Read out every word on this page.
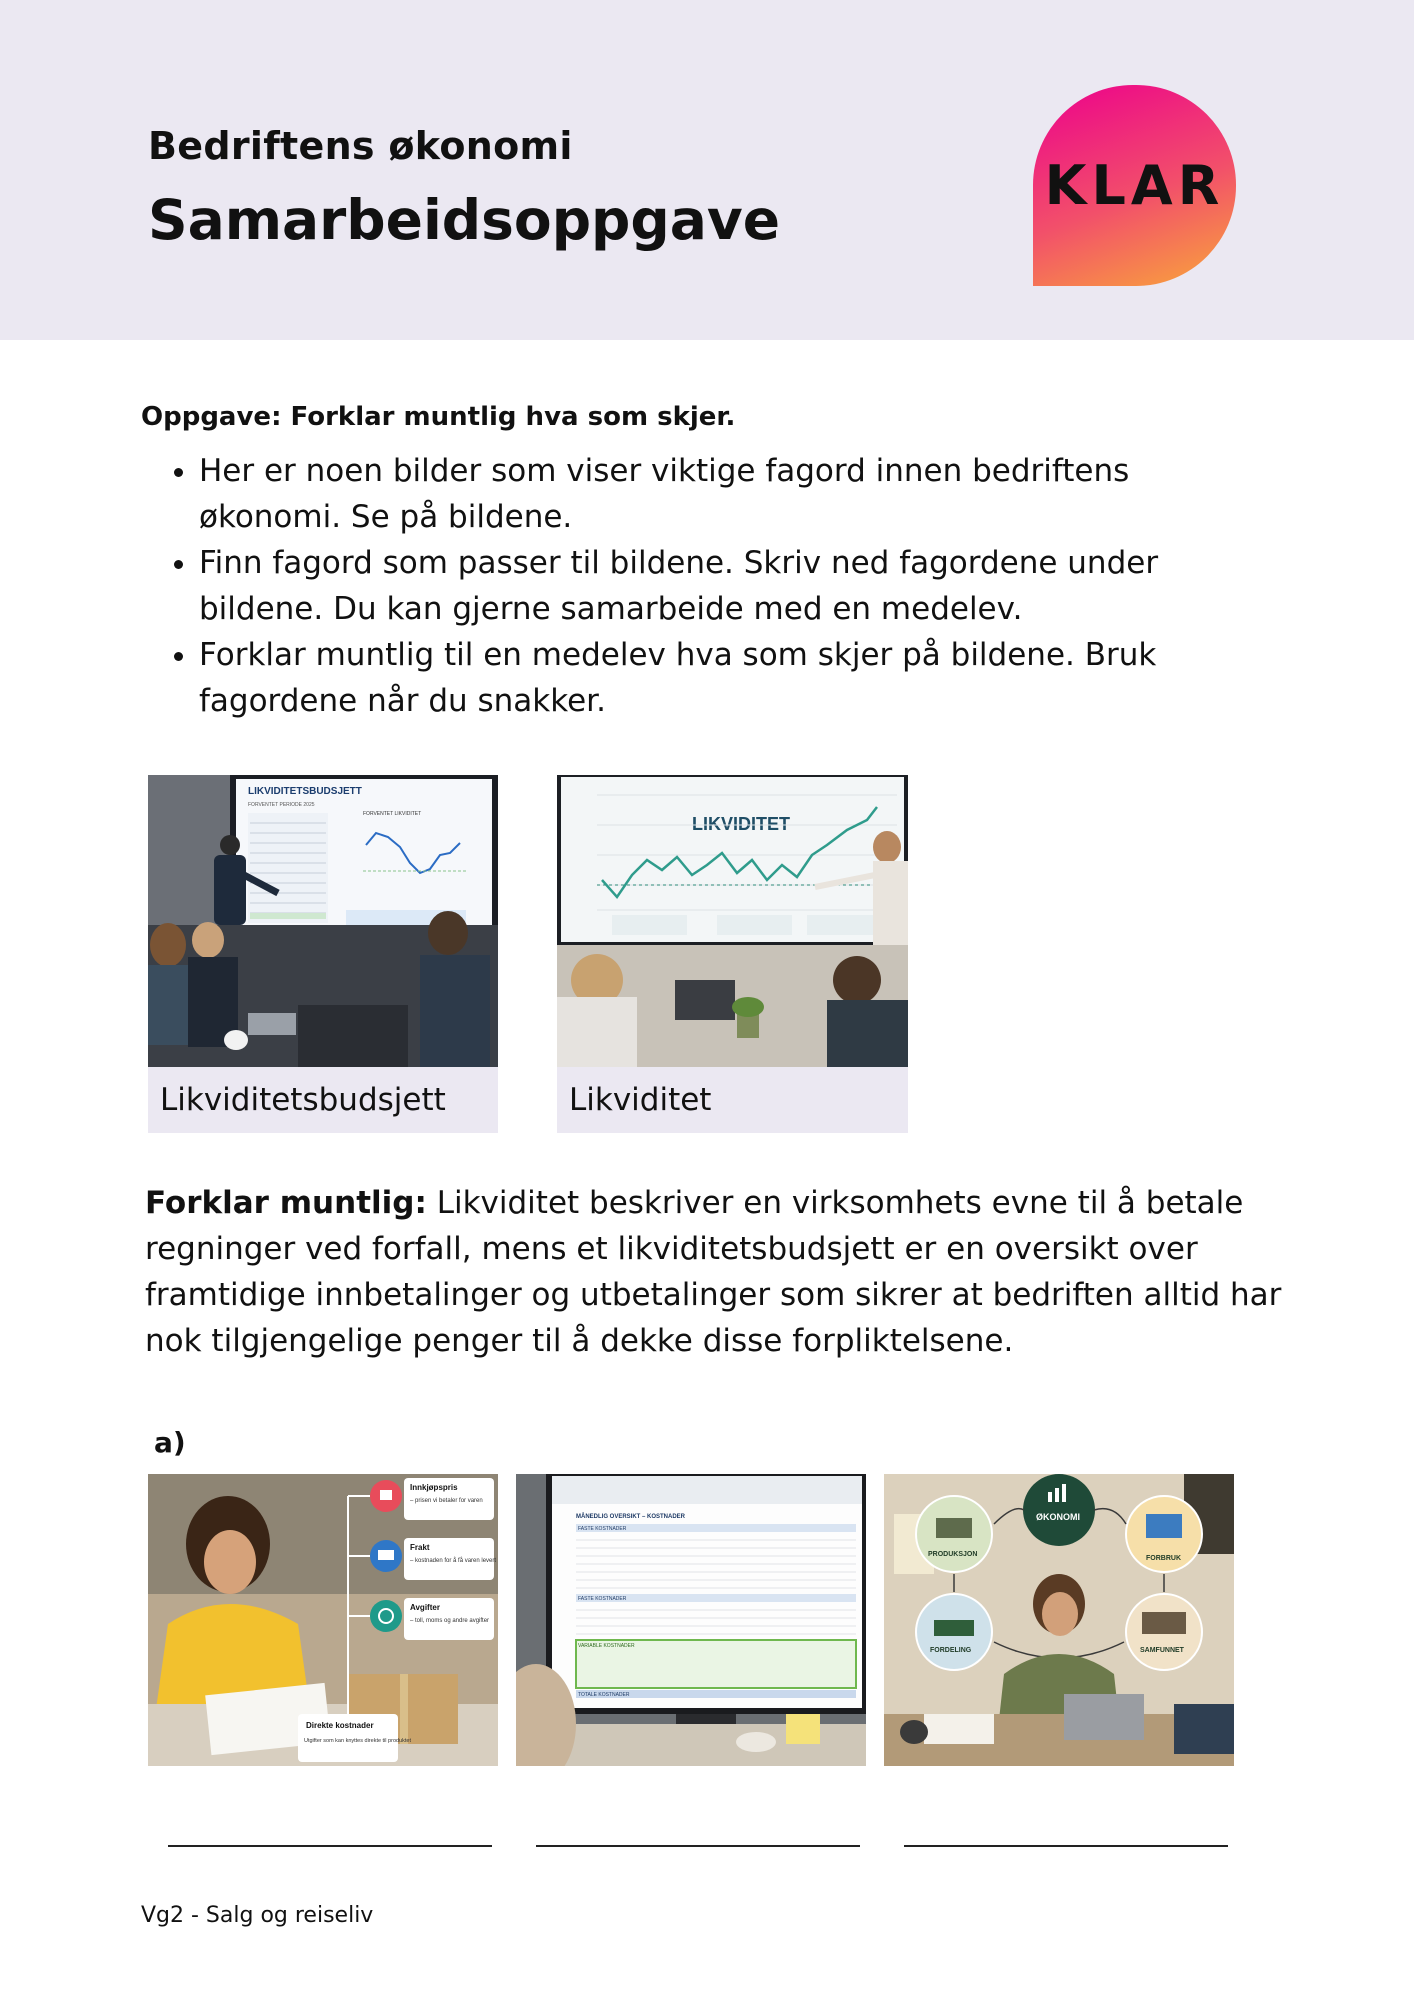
Bedriftens økonomi
Samarbeidsoppgave
KLAR
Oppgave: Forklar muntlig hva som skjer.
• Her er noen bilder som viser viktige fagord innen bedriftens økonomi. Se på bildene.
• Finn fagord som passer til bildene. Skriv ned fagordene under bildene. Du kan gjerne samarbeide med en medelev.
• Forklar muntlig til en medelev hva som skjer på bildene. Bruk fagordene når du snakker.
LIKVIDITETSBUDSJETT
FORVENTET PERIODE 2025
FORVENTET LIKVIDITET
Likviditetsbudsjett
LIKVIDITET
Likviditet
Forklar muntlig: Likviditet beskriver en virksomhets evne til å betale regninger ved forfall, mens et likviditetsbudsjett er en oversikt over framtidige innbetalinger og utbetalinger som sikrer at bedriften alltid har nok tilgjengelige penger til å dekke disse forpliktelsene.
a)
Innkjøpspris
– prisen vi betaler for varen
Frakt
– kostnaden for å få varen levert
Avgifter
– toll, moms og andre avgifter
Direkte kostnader
Utgifter som kan knyttes direkte til produktet
MÅNEDLIG OVERSIKT – KOSTNADER
FASTE KOSTNADER
FASTE KOSTNADER
VARIABLE KOSTNADER
TOTALE KOSTNADER
ØKONOMI
PRODUKSJON
FORBRUK
FORDELING	SAMFUNNET
Vg2 - Salg og reiseliv
